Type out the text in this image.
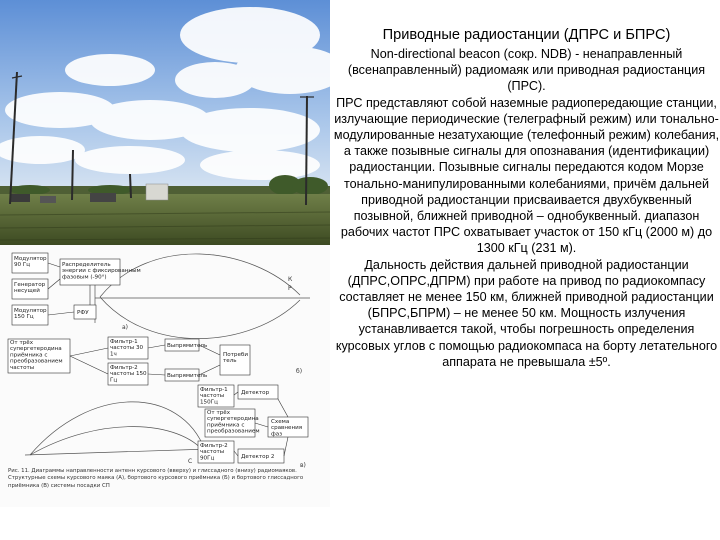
Модулятор
90 Гц
Генератор
несущей
Модулятор
150 Гц
Распределитель
энергии с фиксированным
фазовым (-90°)
РФУ
Фильтр-1
частоты 30
1ч
Фильтр-2
частоты 150
Гц
Выпрямитель
Выпрямитель
Потреби
тель
От трёх
супергетеродина
приёмника с
преобразованием
частоты
Фильтр-1
частоты
150Гц
Детектор
От трёх
супергетеродина
приёмника с
преобразованием
Схема
сравнения
фаз
Фильтр-2
частоты
90Гц	Детектор 2
а)
б)
в)
С
К
Р
Рис. 11. Диаграммы направленности антенн курсового (вверху) и глиссадного (внизу) радиомаяков. Структурные схемы курсового маяка (А), бортового курсового приёмника (Б) и бортового глиссадного приёмника (В) системы посадки СП
Приводные радиостанции (ДПРС и БПРС)

Non-directional beacon (сокр. NDB) - ненаправленный (всенаправленный) радиомаяк или приводная радиостанция (ПРС).

ПРС представляют собой наземные радиопередающие станции, излучающие периодические (телеграфный режим) или тонально-модулированные незатухающие (телефонный режим) колебания, а также позывные сигналы для опознавания (идентификации) радиостанции. Позывные сигналы передаются кодом Морзе тонально-манипулированными колебаниями, причём дальней приводной радиостанции присваивается двухбуквенный позывной, ближней приводной – однобуквенный. диапазон рабочих частот ПРС охватывает участок от 150 кГц (2000 м) до 1300 кГц (231 м).

Дальность действия дальней приводной радиостанции (ДПРС,ОПРС,ДПРМ) при работе на привод по радиокомпасу составляет не менее 150 км, ближней приводной радиостанции (БПРС,БПРМ) – не менее 50 км. Мощность излучения устанавливается такой, чтобы погрешность определения курсовых углов с помощью радиокомпаса на борту летательного аппарата не превышала ±5º.
